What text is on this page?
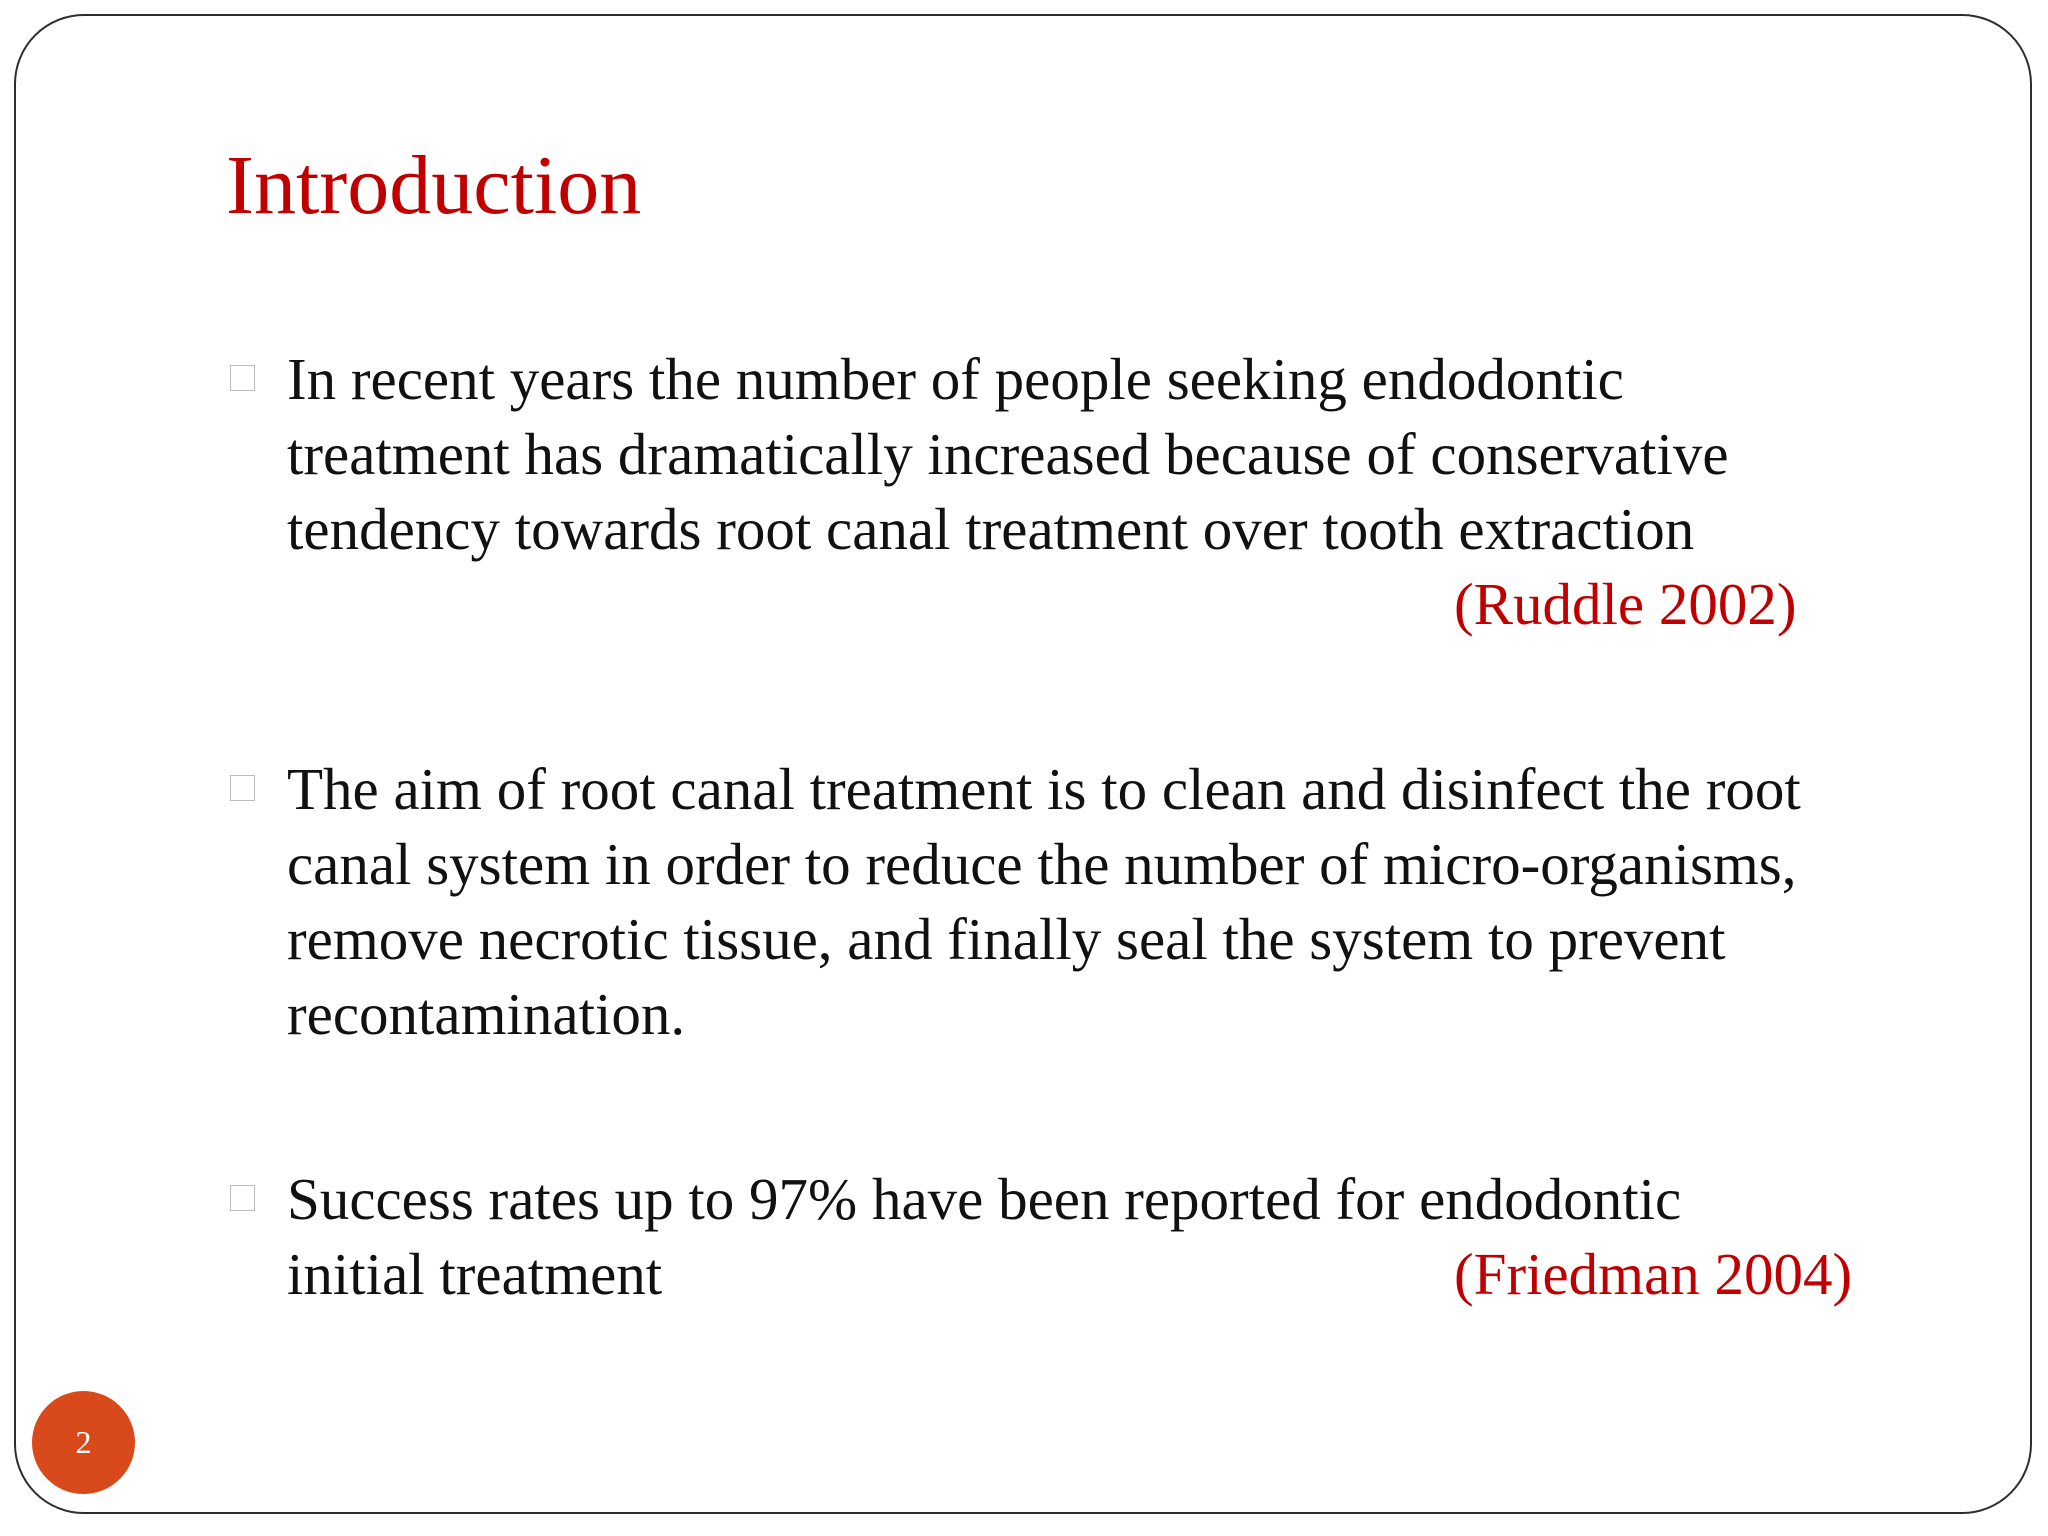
Introduction
In recent years the number of people seeking endodontic
treatment has dramatically increased because of conservative
tendency towards root canal treatment over tooth extraction
(Ruddle 2002)
The aim of root canal treatment is to clean and disinfect the root
canal system in order to reduce the number of micro-organisms,
remove necrotic tissue, and finally seal the system to prevent
recontamination.
Success rates up to 97% have been reported for endodontic
initial treatment	(Friedman 2004)
2
